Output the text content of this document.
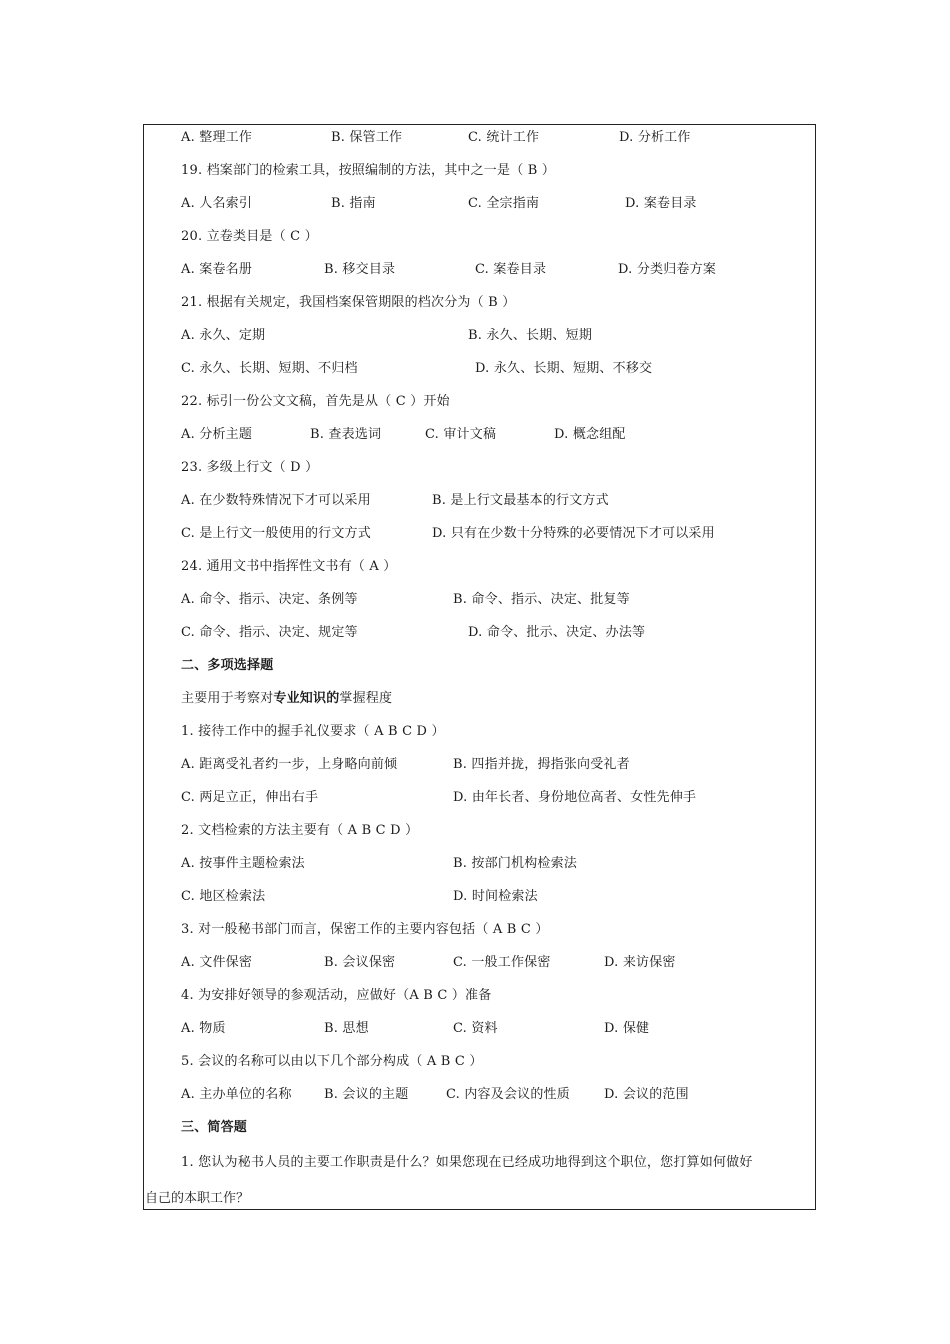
A. 整理工作	B. 保管工作	C. 统计工作	D. 分析工作
19. 档案部门的检索工具，按照编制的方法，其中之一是（ B ）
A. 人名索引	B. 指南	C. 全宗指南	D. 案卷目录
20. 立卷类目是（ C ）
A. 案卷名册	B. 移交目录	C. 案卷目录	D. 分类归卷方案
21. 根据有关规定，我国档案保管期限的档次分为（ B ）
A. 永久、定期	B. 永久、长期、短期
C. 永久、长期、短期、不归档	D. 永久、长期、短期、不移交
22. 标引一份公文文稿，首先是从（ C ）开始
A. 分析主题	B. 查表选词	C. 审计文稿	D. 概念组配
23. 多级上行文（ D ）
A. 在少数特殊情况下才可以采用	B. 是上行文最基本的行文方式
C. 是上行文一般使用的行文方式	D. 只有在少数十分特殊的必要情况下才可以采用
24. 通用文书中指挥性文书有（ A ）
A. 命令、指示、决定、条例等	B. 命令、指示、决定、批复等
C. 命令、指示、决定、规定等	D. 命令、批示、决定、办法等
二、多项选择题
主要用于考察对专业知识的掌握程度
1. 接待工作中的握手礼仪要求（ A B C D ）
A. 距离受礼者约一步，上身略向前倾	B. 四指并拢，拇指张向受礼者
C. 两足立正，伸出右手	D. 由年长者、身份地位高者、女性先伸手
2. 文档检索的方法主要有（ A B C D ）
A. 按事件主题检索法	B. 按部门机构检索法
C. 地区检索法	D. 时间检索法
3. 对一般秘书部门而言，保密工作的主要内容包括（ A B C ）
A. 文件保密	B. 会议保密	C. 一般工作保密	D. 来访保密
4. 为安排好领导的参观活动，应做好（A B C ）准备
A. 物质	B. 思想	C. 资料	D. 保健
5. 会议的名称可以由以下几个部分构成（ A B C ）
A. 主办单位的名称 B. 会议的主题	C. 内容及会议的性质	D. 会议的范围
三、简答题
1. 您认为秘书人员的主要工作职责是什么？如果您现在已经成功地得到这个职位，您打算如何做好
自己的本职工作？
